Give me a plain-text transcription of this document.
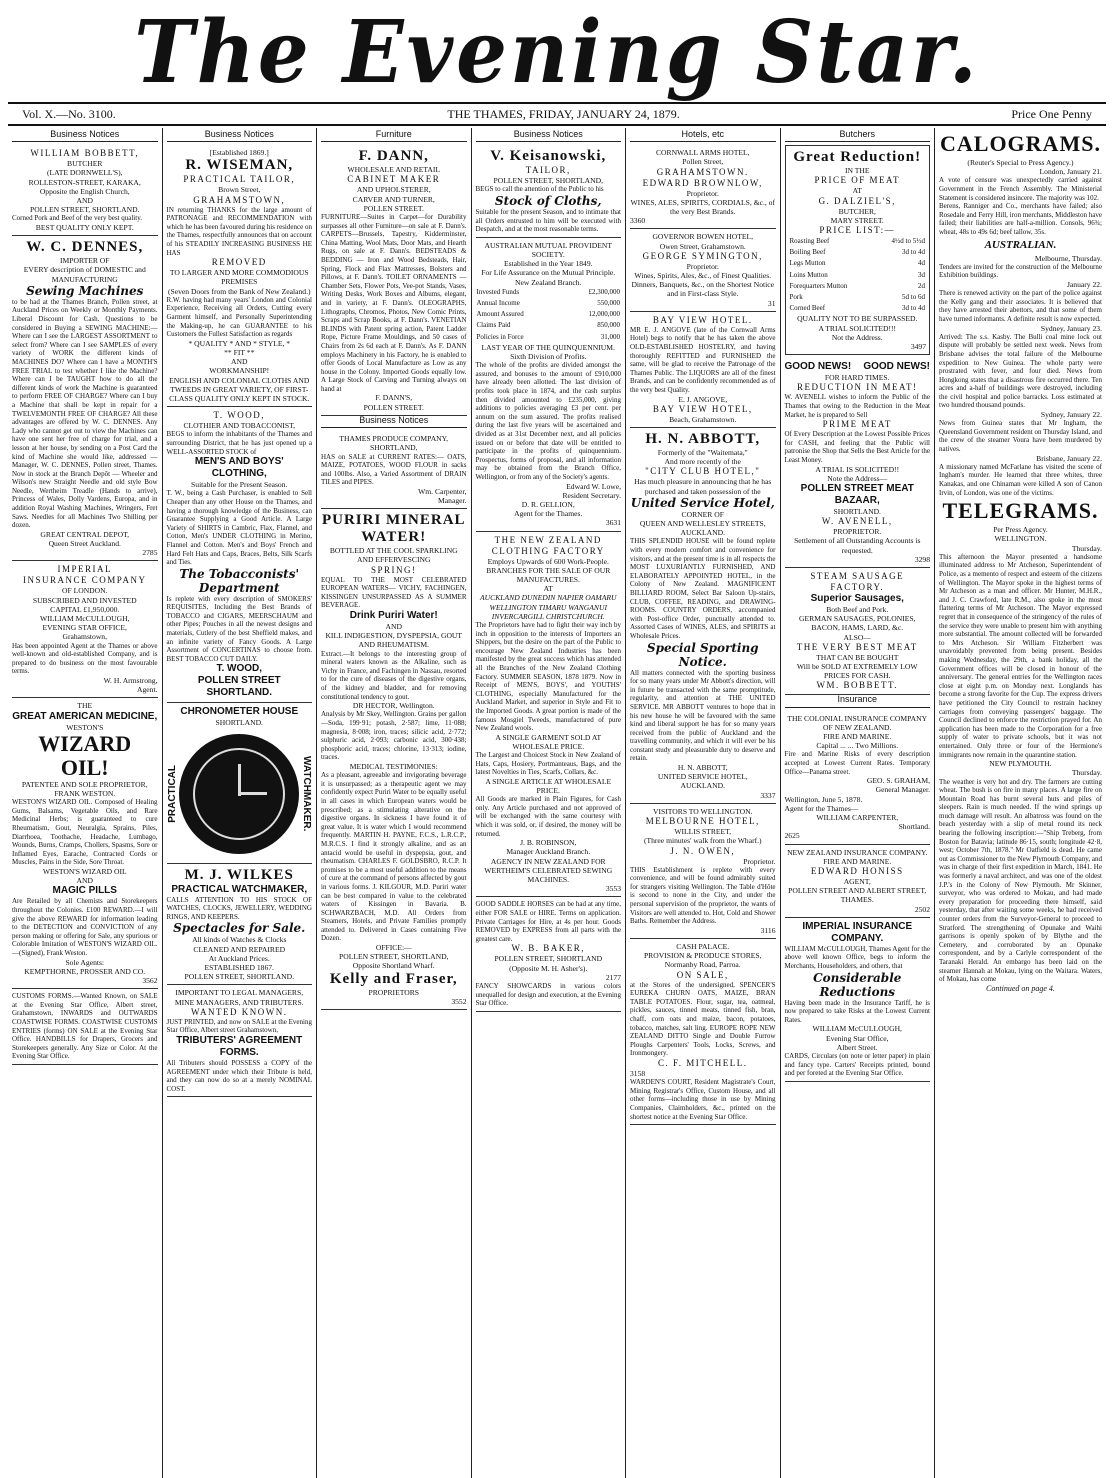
The Evening Star.
Vol. X.—No. 3100.	THE THAMES, FRIDAY, JANUARY 24, 1879.	Price One Penny
Business Notices
WILLIAM BOBBETT,
BUTCHER
(LATE DORNWELL'S),
ROLLESTON-STREET, KARAKA,
Opposite the English Church,
AND
POLLEN STREET, SHORTLAND.
Corned Pork and Beef of the very best quality.
BEST QUALITY ONLY KEPT.
W. C. DENNES,
IMPORTER OF
EVERY description of DOMESTIC and MANUFACTURING
Sewing Machines
to be had at the Thames Branch, Pollen street, at Auckland Prices on Weekly or Monthly Payments. Liberal Discount for Cash. Questions to be considered in Buying a SEWING MACHINE:— Where can I see the LARGEST ASSORTMENT to select from? Where can I see SAMPLES of every variety of WORK the different kinds of MACHINES DO? Where can I have a MONTH'S FREE TRIAL to test whether I like the Machine? Where can I be TAUGHT how to do all the different kinds of work the Machine is guaranteed to perform FREE OF CHARGE? Where can I buy a Machine that shall be kept in repair for a TWELVEMONTH FREE OF CHARGE? All these advantages are offered by W. C. DENNES. Any Lady who cannot get out to view the Machines can have one sent her free of charge for trial, and a lesson at her house, by sending on a Post Card the kind of Machine she would like, addressed — Manager, W. C. DENNES, Pollen street, Thames. Now in stock at the Branch Depôt — Wheeler and Wilson's new Straight Needle and old style Bow Needle, Wertheim Treadle (Hands to arrive), Princess of Wales, Dolly Vardens, Europa, and in addition Royal Washing Machines, Wringers, Fret Saws. Needles for all Machines Two Shilling per dozen.
GREAT CENTRAL DEPOT,
Queen Street Auckland.
2785
IMPERIAL
INSURANCE COMPANY
OF LONDON.
SUBSCRIBED AND INVESTED
CAPITAL £1,950,000.
WILLIAM McCULLOUGH,
EVENING STAR OFFICE,
Grahamstown,
Has been appointed Agent at the Thames or above well-known and old-established Company, and is prepared to do business on the most favourable terms.
W. H. Armstrong,
Agent.
THE
GREAT AMERICAN MEDICINE,
WESTON'S
WIZARD OIL!
PATENTEE AND SOLE PROPRIETOR,
FRANK WESTON.
WESTON'S WIZARD OIL. Composed of Healing Gums, Balsams, Vegetable Oils, and Rare Medicinal Herbs; is guaranteed to cure Rheumatism, Gout, Neuralgia, Sprains, Piles, Diarrhoea, Toothache, Headache, Lumbago, Wounds, Burns, Cramps, Chollers, Spasms, Sore or Inflamed Eyes, Earache, Contracted Cords or Muscles, Pains in the Side, Sore Throat.
WESTON'S WIZARD OIL
AND
MAGIC PILLS
Are Retailed by all Chemists and Storekeepers throughout the Colonies. £100 REWARD.—I will give the above REWARD for information leading to the DETECTION and CONVICTION of any person making or offering for Sale, any spurious or Colorable Imitation of WESTON'S WIZARD OIL.—(Signed), Frank Weston.
Sole Agents:
KEMPTHORNE, PROSSER AND CO.
3562
CUSTOMS FORMS.—Wanted Known, on SALE at the Evening Star Office, Albert street, Grahamstown, INWARDS and OUTWARDS COASTWISE FORMS. COASTWISE CUSTOMS ENTRIES (forms) ON SALE at the Evening Star Office. HANDBILLS for Drapers, Grocers and Storekeepers generally. Any Size or Color. At the Evening Star Office.
Business Notices
[Established 1869.]
R. WISEMAN,
PRACTICAL TAILOR,
Brown Street,
GRAHAMSTOWN,
IN returning THANKS for the large amount of PATRONAGE and RECOMMENDATION with which he has been favoured during his residence on the Thames, respectfully announces that on account of his STEADILY INCREASING BUSINESS HE HAS
REMOVED
TO LARGER AND MORE COMMODIOUS PREMISES
(Seven Doors from the Bank of New Zealand.)
R.W. having had many years' London and Colonial Experience, Receiving all Orders, Cutting every Garment himself, and Personally Superintending the Making-up, he can GUARANTEE to his Customers the Fullest Satisfaction as regards
* QUALITY * AND * STYLE, *
** FIT **
AND
WORKMANSHIP!
ENGLISH AND COLONIAL CLOTHS AND TWEEDS IN GREAT VARIETY, OF FIRST-CLASS QUALITY ONLY KEPT IN STOCK.
T. WOOD,
CLOTHIER AND TOBACCONIST,
BEGS to inform the inhabitants of the Thames and surrounding District, that he has just opened up a WELL-ASSORTED STOCK of
MEN'S AND BOYS' CLOTHING,
Suitable for the Present Season.
T. W., being a Cash Purchaser, is enabled to Sell Cheaper than any other House on the Thames, and having a thorough knowledge of the Business, can Guarantee Supplying a Good Article. A Large Variety of SHIRTS in Cambric, Flax, Flannel, and Cotton, Men's UNDER CLOTHING in Merino, Flannel and Cotton. Men's and Boys' French and Hard Felt Hats and Caps, Braces, Belts, Silk Scarfs and Ties.
The Tobacconists' Department
Is replete with every description of SMOKERS' REQUISITES, Including the Best Brands of TOBACCO and CIGARS, MEERSCHAUM and other Pipes; Pouches in all the newest designs and materials, Cutlery of the best Sheffield makes, and an infinite variety of Fancy Goods. A Large Assortment of CONCERTINAS to choose from. BEST TOBACCO CUT DAILY.
T. WOOD,
POLLEN STREET
SHORTLAND.
CHRONOMETER HOUSE
SHORTLAND.
PRACTICAL	WATCHMAKER.
M. J. WILKES
PRACTICAL WATCHMAKER,
CALLS ATTENTION TO HIS STOCK OF WATCHES, CLOCKS, JEWELLERY, WEDDING RINGS, AND KEEPERS.
Spectacles for Sale.
All kinds of Watches & Clocks
CLEANED AND REPAIRED
At Auckland Prices.
ESTABLISHED 1867.
POLLEN STREET, SHORTLAND.
IMPORTANT TO LEGAL MANAGERS, MINE MANAGERS, AND TRIBUTERS.
WANTED KNOWN.
JUST PRINTED, and now on SALE at the Evening Star Office, Albert street Grahamstown,
TRIBUTERS' AGREEMENT FORMS.
All Tributers should POSSESS a COPY of the AGREEMENT under which their Tribute is held, and they can now do so at a merely NOMINAL COST.
Furniture
F. DANN,
WHOLESALE AND RETAIL
CABINET MAKER
AND UPHOLSTERER,
CARVER AND TURNER,
POLLEN STREET.
FURNITURE—Suites in Carpet—for Durability surpasses all other Furniture—on sale at F. Dann's. CARPETS—Brussels, Tapestry, Kidderminster, China Matting, Wool Mats, Door Mats, and Hearth Rugs, on sale at F. Dann's. BEDSTEADS & BEDDING — Iron and Wood Bedsteads, Hair, Spring, Flock and Flax Mattresses, Bolsters and Pillows, at F. Dann's. TOILET ORNAMENTS — Chamber Sets, Flower Pots, Vee-pot Stands, Vases, Writing Desks, Work Boxes and Albums, elegant, and in variety, at F. Dann's. OLEOGRAPHS, Lithographs, Chromos, Photos, New Comic Prints, Scraps and Scrap Books, at F. Dann's. VENETIAN BLINDS with Patent spring action, Patent Ladder Rope, Picture Frame Mouldings, and 50 cases of Chairs from 2s 6d each at F. Dann's. As F. DANN employs Machinery in his Factory, he is enabled to offer Goods of Local Manufacture as Low as any house in the Colony. Imported Goods equally low. A Large Stock of Carving and Turning always on hand at
F. DANN'S,
POLLEN STREET.
Business Notices
THAMES PRODUCE COMPANY, SHORTLAND,
HAS on SALE at CURRENT RATES:— OATS, MAIZE, POTATOES, WOOD FLOUR in sacks and 100lbs. Also, a Varied Assortment of DRAIN TILES and PIPES.
Wm. Carpenter,
Manager.
PURIRI MINERAL
WATER!
BOTTLED AT THE COOL SPARKLING AND EFFERVESCING
SPRING!
EQUAL TO THE MOST CELEBRATED EUROPEAN WATERS— VICHY, FACHINGEN, KISSINGEN UNSURPASSED AS A SUMMER BEVERAGE.
Drink Puriri Water!
AND
KILL INDIGESTION, DYSPEPSIA, GOUT AND RHEUMATISM.
Extract.—It belongs to the interesting group of mineral waters known as the Alkaline, such as Vichy in France, and Fachingen in Nassau, resorted to for the cure of diseases of the digestive organs, of the kidney and bladder, and for removing constitutional tendency to gout.
DR HECTOR, Wellington.
Analysis by Mr Skey, Wellington. Grains per gallon—Soda, 199·91; potash, 2·587; lime, 11·088; magnesia, 8·008; iron, traces; silicic acid, 2·772; sulphuric acid, 2·093; carbonic acid, 300·438; phosphoric acid, traces; chlorine, 13·313; iodine, traces.
MEDICAL TESTIMONIES:
As a pleasant, agreeable and invigorating beverage it is unsurpassed; as a therapeutic agent we may confidently expect Puriri Water to be equally useful in all cases in which European waters would be prescribed; as a stimulating alterative on the digestive organs. In sickness I have found it of great value. It is water which I would recommend frequently. MARTIN H. PAYNE, F.C.S., L.R.C.P., M.R.C.S. I find it strongly alkaline, and as an antacid would be useful in dyspepsia, gout, and rheumatism. CHARLES F. GOLDSBRO, R.C.P. It promises to be a most useful addition to the means of cure at the command of persons affected by gout in various forms. J. KILGOUR, M.D. Puriri water can be best compared in value to the celebrated waters of Kissingen in Bavaria. B. SCHWARZBACH, M.D. All Orders from Steamers, Hotels, and Private Families promptly attended to. Delivered in Cases containing Five Dozen.
OFFICE:—
POLLEN STREET, SHORTLAND,
Opposite Shortland Wharf.
Kelly and Fraser,
PROPRIETORS
3552
Business Notices
V. Keisanowski,
TAILOR,
POLLEN STREET, SHORTLAND,
BEGS to call the attention of the Public to his
Stock of Cloths,
Suitable for the present Season, and to intimate that all Orders entrusted to him will be executed with Despatch, and at the most reasonable terms.
AUSTRALIAN MUTUAL PROVIDENT SOCIETY.
Established in the Year 1849.
For Life Assurance on the Mutual Principle.
New Zealand Branch.
Invested Funds	£2,300,000
Annual Income	550,000
Amount Assured	12,000,000
Claims Paid	850,000
Policies in Force	31,000
LAST YEAR OF THE QUINQUENNIUM.
Sixth Division of Profits.
The whole of the profits are divided amongst the assured, and bonuses to the amount of £910,000 have already been allotted. The last division of profits took place in 1874, and the cash surplus then divided amounted to £235,000, giving additions to policies averaging £3 per cent. per annum on the sum assured. The profits realised during the last five years will be ascertained and divided as at 31st December next, and all policies issued on or before that date will be entitled to participate in the profits of quinquennium. Prospectus, forms of proposal, and all information may be obtained from the Branch Office, Wellington, or from any of the Society's agents.
Edward W. Lowe,
Resident Secretary.
D. R. GELLION,
Agent for the Thames.
3631
THE NEW ZEALAND
CLOTHING FACTORY
Employs Upwards of 600 Work-People.
BRANCHES FOR THE SALE OF OUR MANUFACTURES.
AT
AUCKLAND DUNEDIN NAPIER OAMARU WELLINGTON TIMARU WANGANUI INVERCARGILL CHRISTCHURCH.
The Proprietors have had to fight their way inch by inch in opposition to the interests of Importers an Shippers, but the desire on the part of the Public to encourage New Zealand Industries has been manifested by the great success which has attended all the Branches of the New Zealand Clothing Factory. SUMMER SEASON, 1878 1879. Now in Receipt of MEN'S, BOYS', and YOUTHS' CLOTHING, especially Manufactured for the Auckland Market, and superior in Style and Fit to the Imported Goods. A great portion is made of the famous Mosgiel Tweeds, manufactured of pure New Zealand wools.
A SINGLE GARMENT SOLD AT WHOLESALE PRICE.
The Largest and Choicest Stock in New Zealand of Hats, Caps, Hosiery, Portmanteaus, Bags, and the latest Novelties in Ties, Scarfs, Collars, &c.
A SINGLE ARTICLE AT WHOLESALE PRICE.
All Goods are marked in Plain Figures, for Cash only. Any Article purchased and not approved of will be exchanged with the same courtesy with which it was sold, or, if desired, the money will be returned.
J. B. ROBINSON,
Manager Auckland Branch.
AGENCY IN NEW ZEALAND FOR WERTHEIM'S CELEBRATED SEWING MACHINES.
3553
GOOD SADDLE HORSES can be had at any time, either FOR SALE or HIRE. Terms on application. Private Carriages for Hire, at 4s per hour. Goods REMOVED by EXPRESS from all parts with the greatest care.
W. B. BAKER,
POLLEN STREET, SHORTLAND
(Opposite M. H. Asher's).
2177
FANCY SHOWCARDS in various colors unequalled for design and execution, at the Evening Star Office.
Hotels, etc
CORNWALL ARMS HOTEL,
Pollen Street,
GRAHAMSTOWN.
EDWARD BROWNLOW,
Proprietor.
WINES, ALES, SPIRITS, CORDIALS, &c., of the very Best Brands.
3360
GOVERNOR BOWEN HOTEL,
Owen Street, Grahamstown.
GEORGE SYMINGTON,
Proprietor.
Wines, Spirits, Ales, &c., of Finest Qualities.
Dinners, Banquets, &c., on the Shortest Notice and in First-class Style.
31
BAY VIEW HOTEL.
MR E. J. ANGOVE (late of the Cornwall Arms Hotel) begs to notify that he has taken the above OLD-ESTABLISHED HOSTELRY, and having thoroughly REFITTED and FURNISHED the same, will be glad to receive the Patronage of the Thames Public. The LIQUORS are all of the finest Brands, and can be confidently recommended as of the very best Quality.
E. J. ANGOVE,
BAY VIEW HOTEL,
Beach, Grahamstown.
H. N. ABBOTT,
Formerly of the "Waitemata,"
And more recently of the
"CITY CLUB HOTEL,"
Has much pleasure in announcing that he has purchased and taken possession of the
United Service Hotel,
CORNER OF
QUEEN AND WELLESLEY STREETS, AUCKLAND.
THIS SPLENDID HOUSE will be found replete with every modern comfort and convenience for visitors, and at the present time is in all respects the MOST LUXURIANTLY FURNISHED, AND ELABORATELY APPOINTED HOTEL, in the Colony of New Zealand. MAGNIFICENT BILLIARD ROOM, Select Bar Saloon Up-stairs, CLUB, COFFEE, READING, and DRAWING-ROOMS. COUNTRY ORDERS, accompanied with Post-office Order, punctually attended to. Assorted Cases of WINES, ALES, and SPIRITS at Wholesale Prices.
Special Sporting Notice.
All matters connected with the sporting business for so many years under Mr Abbott's direction, will in future be transacted with the same promptitude, regularity, and attention at THE UNITED SERVICE. MR ABBOTT ventures to hope that in his new house he will be favoured with the same kind and liberal support he has for so many years received from the public of Auckland and the travelling community, and which it will ever be his constant study and pleasurable duty to deserve and retain.
H. N. ABBOTT,
UNITED SERVICE HOTEL,
AUCKLAND.
3337
VISITORS TO WELLINGTON.
MELBOURNE HOTEL,
WILLIS STREET,
(Three minutes' walk from the Wharf.)
J. N. OWEN,
Proprietor.
THIS Establishment is replete with every convenience, and will be found admirably suited for strangers visiting Wellington. The Table d'Hôte is second to none in the City, and under the personal supervision of the proprietor, the wants of Visitors are well attended to. Hot, Cold and Shower Baths. Remember the Address.
3116
CASH PALACE.
PROVISION & PRODUCE STORES,
Normanby Road, Parroa.
ON SALE,
at the Stores of the undersigned, SPENCER'S EUREKA CHURN OATS, MAIZE, BRAN TABLE POTATOES. Flour, sugar, tea, oatmeal, pickles, sauces, tinned meats, tinned fish, bran, chaff, corn oats and maize, bacon, potatoes, tobacco, matches, salt ling. EUROPE ROPE NEW ZEALAND DITTO Single and Double Furrow Ploughs Carpenters' Tools, Locks, Screws, and Ironmongery.
C. F. MITCHELL.
3158
WARDEN'S COURT, Resident Magistrate's Court, Mining Registrar's Office, Custom House, and all other forms—including those in use by Mining Companies, Claimholders, &c., printed on the shortest notice at the Evening Star Office.
Butchers
Great Reduction!
IN THE
PRICE OF MEAT
AT
G. DALZIEL'S,
BUTCHER,
MARY STREET.
PRICE LIST:—
Roasting Beef	4½d to 5½d
Boiling Beef	3d to 4d
Legs Mutton	4d
Loins Mutton	3d
Forequarters Mutton	2d
Pork	5d to 6d
Corned Beef	3d to 4d
QUALITY NOT TO BE SURPASSED.
A TRIAL SOLICITED!!!
Not the Address.
3497
GOOD NEWS! GOOD NEWS!
FOR HARD TIMES.
REDUCTION IN MEAT!
W. AVENELL wishes to inform the Public of the Thames that owing to the Reduction in the Meat Market, he is prepared to Sell
PRIME MEAT
Of Every Description at the Lowest Possible Prices for CASH, and feeling that the Public will patronise the Shop that Sells the Best Article for the Least Money.
A TRIAL IS SOLICITED!!
Note the Address—
POLLEN STREET MEAT BAZAAR,
SHORTLAND.
W. AVENELL,
PROPRIETOR.
Settlement of all Outstanding Accounts is requested.
3298
STEAM SAUSAGE FACTORY.
Superior Sausages,
Both Beef and Pork.
GERMAN SAUSAGES, POLONIES,
BACON, HAMS, LARD, &c.
ALSO—
THE VERY BEST MEAT
THAT CAN BE BOUGHT
Will be SOLD AT EXTREMELY LOW PRICES FOR CASH.
WM. BOBBETT.
Insurance
THE COLONIAL INSURANCE COMPANY OF NEW ZEALAND.
FIRE AND MARINE.
Capital ... ... Two Millions.
Fire and Marine Risks of every description accepted at Lowest Current Rates. Temporary Office—Panama street.
GEO. S. GRAHAM,
General Manager.
Wellington, June 5, 1878.
Agent for the Thames—
WILLIAM CARPENTER,
Shortland.
2625
NEW ZEALAND INSURANCE COMPANY.
FIRE AND MARINE.
EDWARD HONISS
AGENT,
POLLEN STREET AND ALBERT STREET,
THAMES.
2502
IMPERIAL INSURANCE COMPANY.
WILLIAM McCULLOUGH, Thames Agent for the above well known Office, begs to inform the Merchants, Householders, and others, that
Considerable Reductions
Having been made in the Insurance Tariff, he is now prepared to take Risks at the Lowest Current Rates.
WILLIAM McCULLOUGH,
Evening Star Office,
Albert Street.
CARDS, Circulars (on note or letter paper) in plain and fancy type. Carters' Receipts printed, bound and per foreted at the Evening Star Office.
CALOGRAMS.
(Reuter's Special to Press Agency.)
London, January 21.
A vote of censure was unexpectedly carried against Government in the French Assembly. The Ministerial Statement is considered insincere. The majority was 102.
Berens, Ranniger and Co., merchants have failed; also Rosedale and Ferry Hill, iron merchants, Middleston have failed; their liabilities are half-a-million. Consols, 96¾; wheat, 48s to 49s 6d; beef tallow, 35s.
AUSTRALIAN.
Melbourne, Thursday.
Tenders are invited for the construction of the Melbourne Exhibition buildings.
January 22.
There is renewed activity on the part of the police against the Kelly gang and their associates. It is believed that they have arrested their abettors, and that some of them have turned informants. A definite result is now expected.
Sydney, January 23.
Arrived: The s.s. Kasby. The Bulli coal mine lock out dispute will probably be settled next week. News from Brisbane advises the total failure of the Melbourne expedition to New Guinea. The whole party were prostrated with fever, and four died. News from Hongkong states that a disastrous fire occurred there. Ten acres and a-half of buildings were destroyed, including the civil hospital and police barracks. Loss estimated at two hundred thousand pounds.
Sydney, January 22.
News from Guinea states that Mr Ingham, the Queensland Government resident on Thursday Island, and the crew of the steamer Voura have been murdered by natives.
Brisbane, January 22.
A missionary named McFarlane has visited the scene of Ingham's murder. He learned that three whites, three Kanakas, and one Chinaman were killed A son of Canon Irvin, of London, was one of the victims.
TELEGRAMS.
Per Press Agency.
WELLINGTON.
Thursday.
This afternoon the Mayor presented a handsome illuminated address to Mr Atcheson, Superintendent of Police, as a memento of respect and esteem of the citizens of Wellington. The Mayor spoke in the highest terms of Mr Atcheson as a man and officer. Mr Hunter, M.H.R., and J. C. Crawford, late R.M., also spoke in the most flattering terms of Mr Atcheson. The Mayor expressed regret that in consequence of the stringency of the rules of the service they were unable to present him with anything more substantial. The amount collected will be forwarded to Mrs Atcheson. Sir William Fitzherbert was unavoidably prevented from being present. Besides making Wednesday, the 29th, a bank holiday, all the Government offices will be closed in honour of the anniversary. The general entries for the Wellington races close at eight p.m. on Monday next. Longlands has become a strong favorite for the Cup. The express drivers have petitioned the City Council to restrain hackney carriages from conveying passengers' baggage. The Council declined to enforce the restriction prayed for. An application has been made to the Corporation for a free supply of water to private schools, but it was not entertained. Only three or four of the Hermione's immigrants now remain in the quarantine station.
NEW PLYMOUTH.
Thursday.
The weather is very hot and dry. The farmers are cutting wheat. The bush is on fire in many places. A large fire on Mountain Road has burnt several huts and piles of sleepers. Rain is much needed. If the wind springs up much damage will result. An albatross was found on the beach yesterday with a slip of metal round its neck bearing the following inscription:—"Ship Treberg, from Boston for Batavia; latitude 86·15, south; longitude 42·8, west; October 7th, 1878." Mr Oatfield is dead. He came out as Commissioner to the New Plymouth Company, and was in charge of their first expedition in March, 1841. He was formerly a naval architect, and was one of the oldest J.P.'s in the Colony of New Plymouth. Mr Skinner, surveyor, who was ordered to Mokau, and had made every preparation for proceeding there himself, said yesterday, that after waiting some weeks, he had received counter orders from the Surveyor-General to proceed to Stratford. The strengthening of Opunake and Waihi garrisons is openly spoken of by Blythe and the Cemetery, and corroborated by an Opunake correspondent, and by a Carlyle correspondent of the Taranaki Herald. An embargo has been laid on the steamer Hannah at Mokau, lying on the Waitara. Waters, of Mokau, has come
Continued on page 4.
